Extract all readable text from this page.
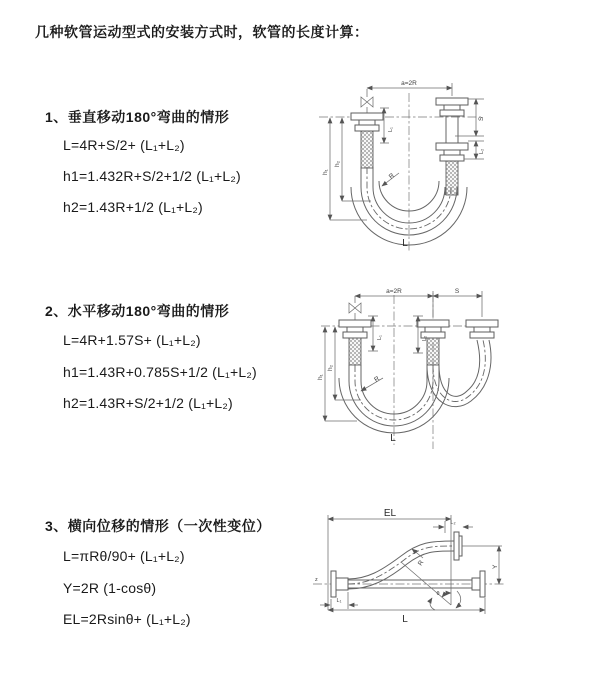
几种软管运动型式的安装方式时，软管的长度计算：
1、垂直移动180°弯曲的情形
L=4R+S/2+ (L₁+L₂)
h1=1.432R+S/2+1/2 (L₁+L₂)
h2=1.43R+1/2 (L₁+L₂)
2、水平移动180°弯曲的情形
L=4R+1.57S+ (L₁+L₂)
h1=1.43R+0.785S+1/2 (L₁+L₂)
h2=1.43R+S/2+1/2 (L₁+L₂)
3、横向位移的情形（一次性变位）
L=πRθ/90+ (L₁+L₂)
Y=2R (1-cosθ)
EL=2Rsinθ+ (L₁+L₂)
a=2R
S
L₂
h₁
h₂
L₁
R
L
a=2R	S
h₁
h₂
L₁	L₂
R
L
z
EL
L₂
Y
L
L₁
R
θ
